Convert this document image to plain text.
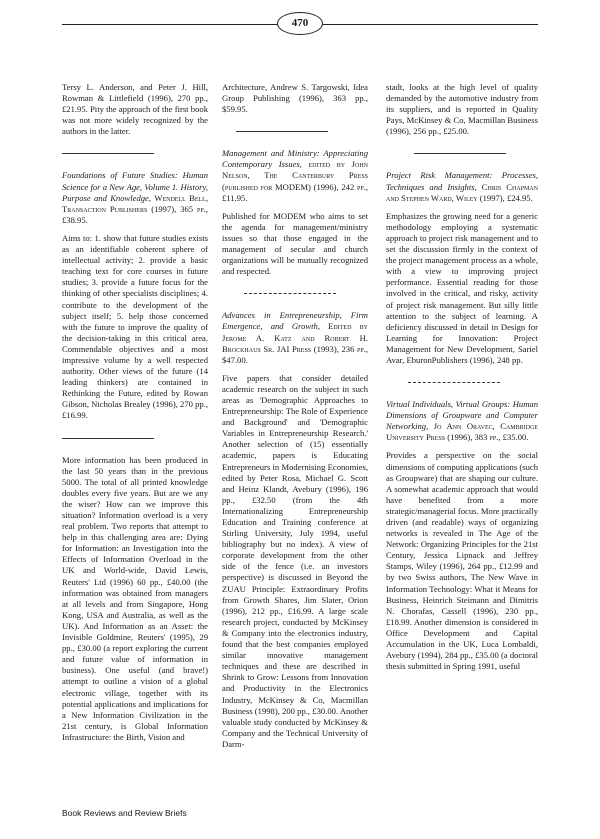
470

Tersy L. Anderson, and Peter J. Hill, Rowman & Littlefield (1996), 270 pp., £21.95. Pity the approach of the first book was not more widely recognized by the authors in the latter.

Foundations of Future Studies: Human Science for a New Age, Volume 1. History, Purpose and Knowledge, Wendell Bell, Transaction Publishers (1997), 365 pp., £38.95.

Aims to: 1. show that future studies exists as an identifiable coherent sphere of intellectual activity; 2. provide a basic teaching text for core courses in future studies; 3. provide a future focus for the thinking of other specialists disciplines; 4. contribute to the development of the subject itself; 5. help those concerned with the future to improve the quality of the decision-taking in this critical area. Commendable objectives and a most impressive volume by a well respected authority. Other views of the future (14 leading thinkers) are contained in Rethinking the Future, edited by Rowan Gibson, Nicholas Brealey (1996), 270 pp., £16.99.

More information has been produced in the last 50 years than in the previous 5000. The total of all printed knowledge doubles every five years. But are we any the wiser? How can we improve this situation? Information overload is a very real problem. Two reports that attempt to help in this challenging area are: Dying for Information: an Investigation into the Effects of Information Overload in the UK and World-wide, David Lewis, Reuters' Ltd (1996) 60 pp., £40.00 (the information was obtained from managers at all levels and from Singapore, Hong Kong, USA and Australia, as well as the UK). And Information as an Asset: the Invisible Goldmine, Reuters' (1995), 29 pp., £30.00 (a report exploring the current and future value of information in business). One useful (and brave!) attempt to outline a vision of a global electronic village, together with its potential applications and implications for a New Information Civilization in the 21st century, is Global Information Infrastructure: the Birth, Vision and

Architecture, Andrew S. Targowski, Idea Group Publishing (1996), 363 pp., $59.95.

Management and Ministry: Appreciating Contemporary Issues, edited by John Nelson, The Canterbury Press (published for MODEM) (1996), 242 pp., £11.95.

Published for MODEM who aims to set the agenda for management/ministry issues so that those engaged in the management of secular and church organizations will be mutually recognized and respected.

Advances in Entrepreneurship, Firm Emergence, and Growth, Edited by Jerome A. Katz and Robert H. Brockhaus Sr. JAI Press (1993), 236 pp., $47.00.

Five papers that consider detailed academic research on the subject in such areas as 'Demographic Approaches to Entrepreneurship: The Role of Experience and Background' and 'Demographic Variables in Entrepreneurship Research.' Another selection of (15) essentially academic, papers is Educating Entrepreneurs in Modernising Economies, edited by Peter Rosa, Michael G. Scott and Heinz Klandt, Avebury (1996), 196 pp., £32.50 (from the 4th Internationalizing Entrepreneurship Education and Training conference at Stirling University, July 1994, useful bibliography but no index). A view of corporate development from the other side of the fence (i.e. an investors perspective) is discussed in Beyond the ZUAU Principle: Extraordinary Profits from Growth Shares, Jim Slater, Orion (1996), 212 pp., £16.99. A large scale research project, conducted by McKinsey & Company into the electronics industry, found that the best companies employed similar innovative management techniques and these are described in Shrink to Grow: Lessons from Innovation and Productivity in the Electronics Industry, McKinsey & Co, Macmillan Business (1998), 200 pp., £30.00. Another valuable study conducted by McKinsey & Company and the Technical University of Darm-

stadt, looks at the high level of quality demanded by the automotive industry from its suppliers, and is reported in Quality Pays, McKinsey & Co, Macmillan Business (1996), 256 pp., £25.00.

Project Risk Management: Processes, Techniques and Insights, Chris Chapman and Stephen Ward, Wiley (1997), £24.95.

Emphasizes the growing need for a generic methodology employing a systematic approach to project risk management and to set the discussion firmly in the context of the project management process as a whole, with a view to improving project performance. Essential reading for those involved in the critical, and risky, activity of project risk management. But silly little attention to the subject of learning. A deficiency discussed in detail in Design for Learning for Innovation: Project Management for New Development, Sariel Avar, EburonPublishers (1996), 248 pp.

Virtual Individuals, Virtual Groups: Human Dimensions of Groupware and Computer Networking, Jo Ann Oravec, Cambridge University Press (1996), 383 pp., £35.00.

Provides a perspective on the social dimensions of computing applications (such as Groupware) that are shaping our culture. A somewhat academic approach that would have benefited from a more strategic/managerial focus. More practically driven (and readable) ways of organizing networks is revealed in The Age of the Network: Organizing Principles for the 21st Century, Jessica Lipnack and Jeffrey Stamps, Wiley (1996), 264 pp., £12.99 and by two Swiss authors, The New Wave in Information Technology: What it Means for Business, Heinrich Steimann and Dimitris N. Chorafas, Cassell (1996), 230 pp., £18.99. Another dimension is considered in Office Development and Capital Accumulation in the UK, Luca Lombaldi, Avebury (1994), 284 pp., £35.00 (a doctoral thesis submitted in Spring 1991, useful

Book Reviews and Review Briefs
